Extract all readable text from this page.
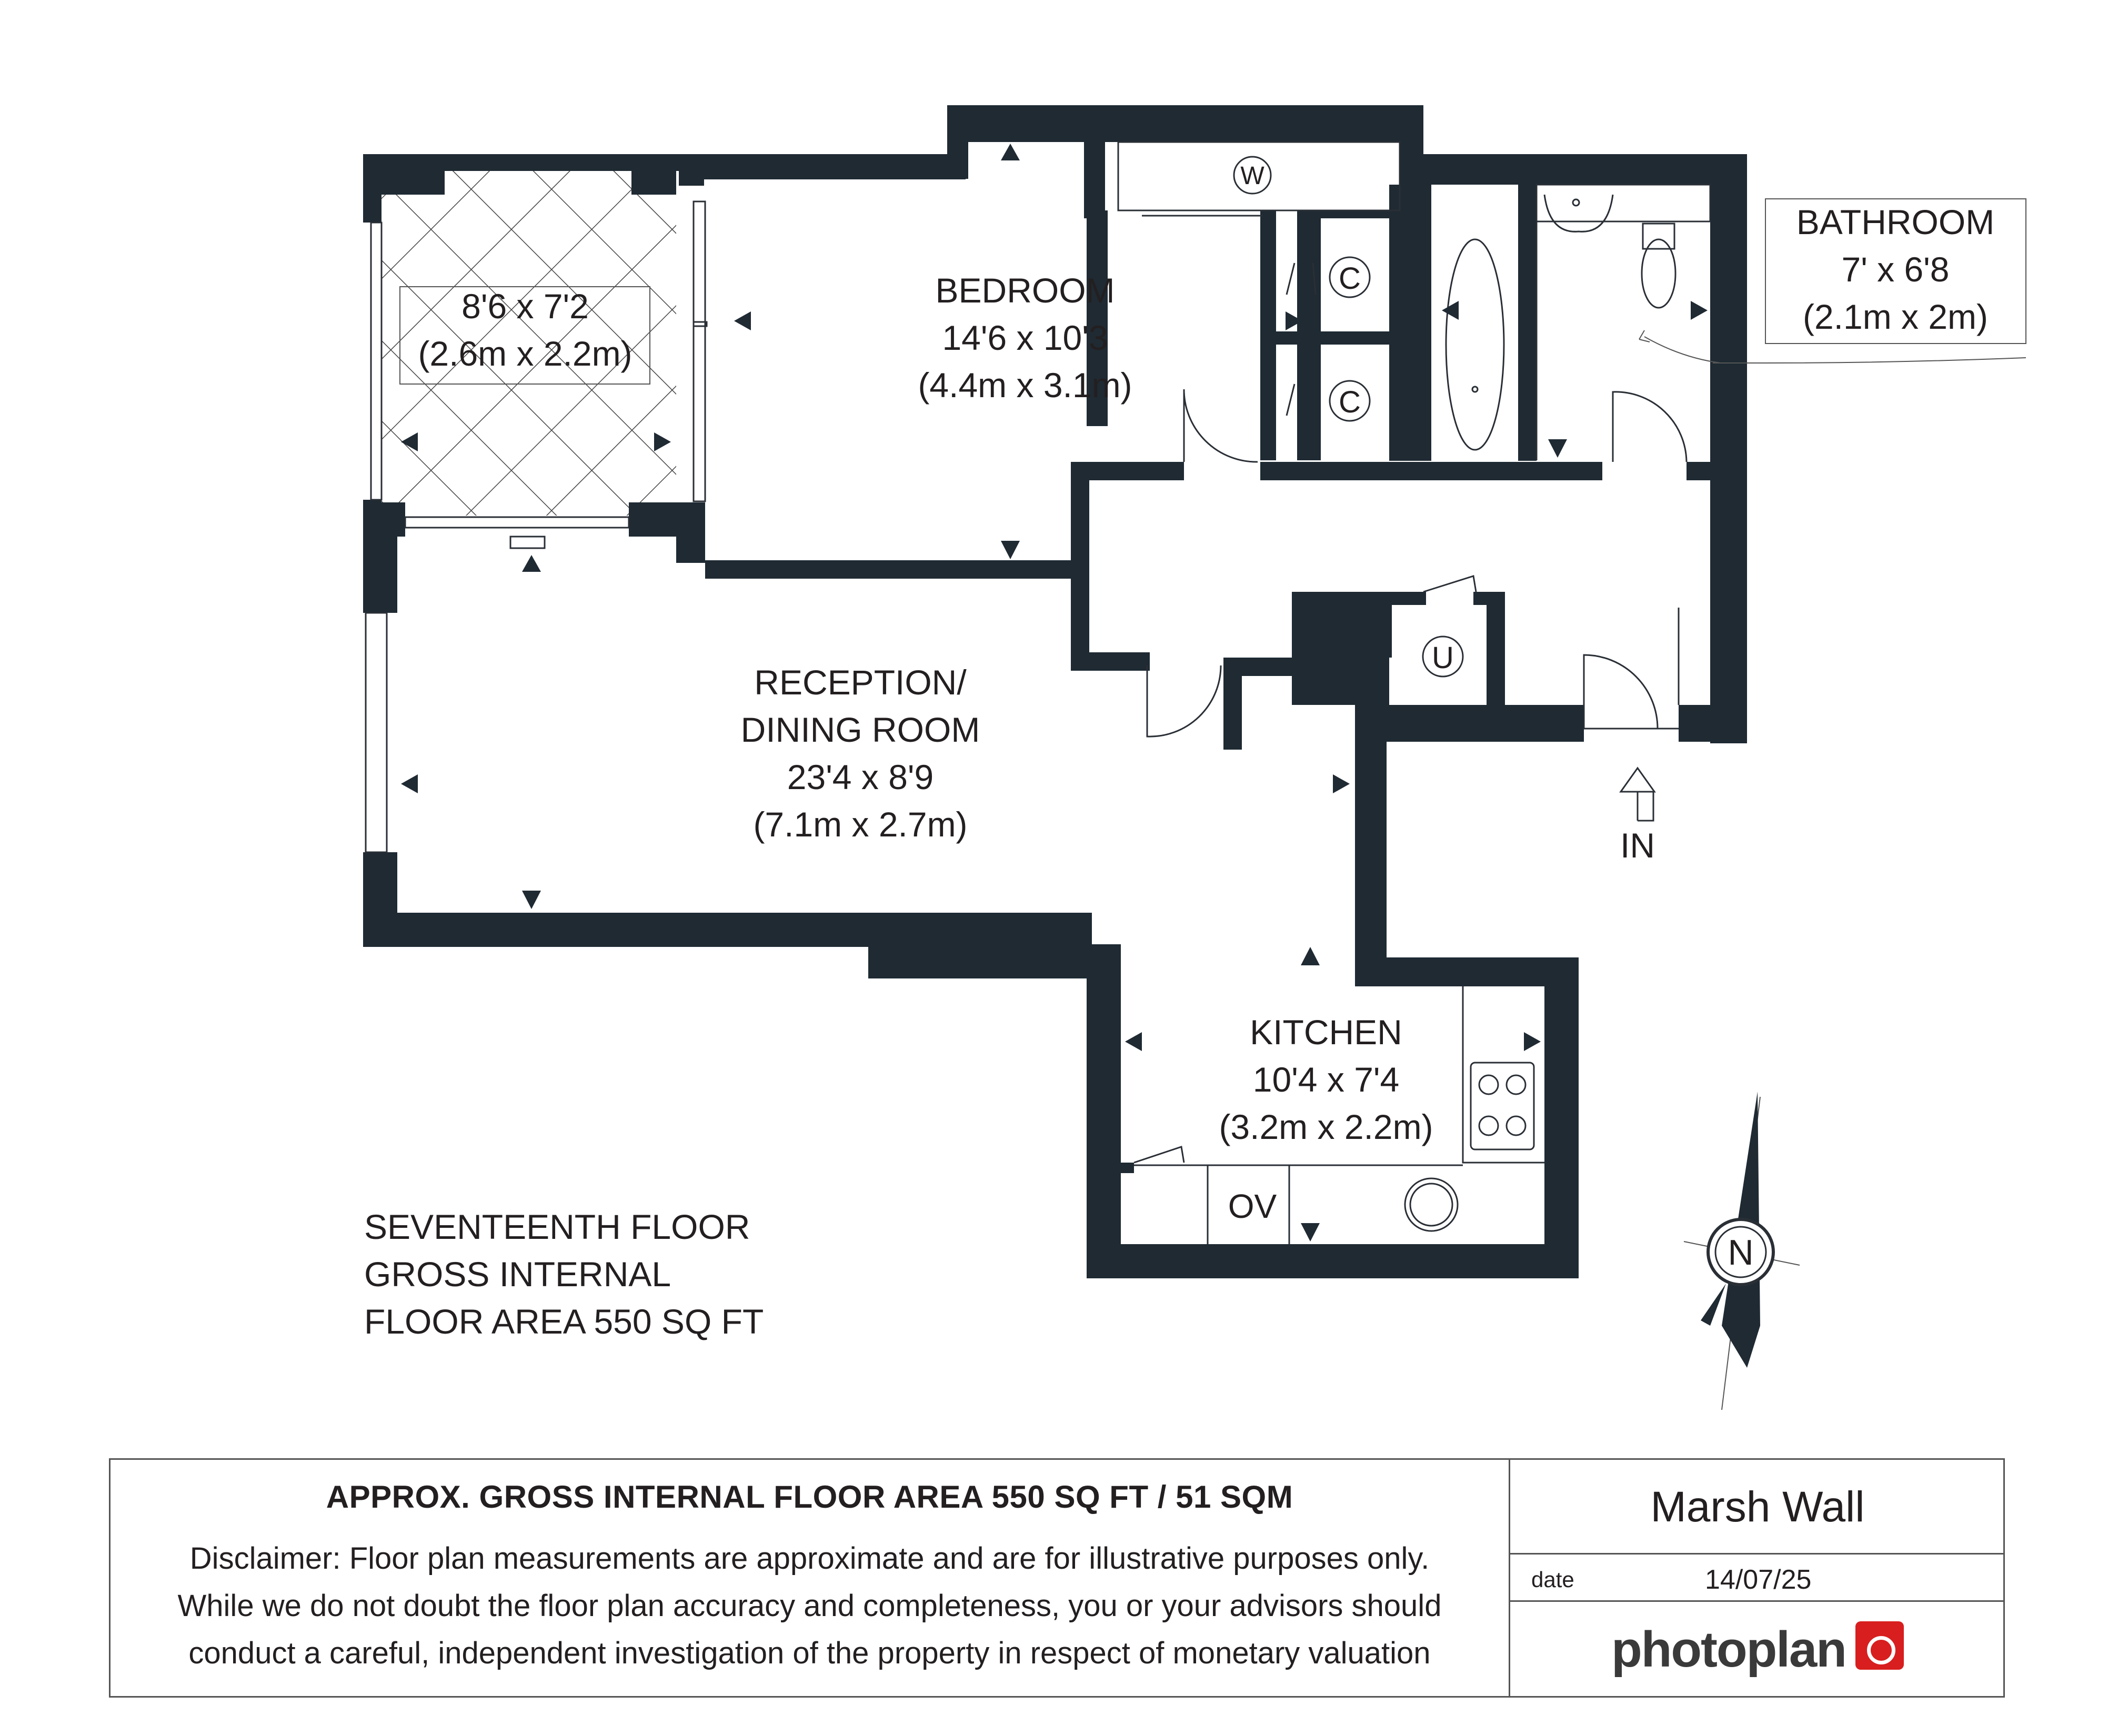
W
C
C
U
OV
8'6 x 7'2
(2.6m x 2.2m)
BEDROOM
14'6 x 10'3
(4.4m x 3.1m)
BATHROOM
7' x 6'8
(2.1m x 2m)
RECEPTION/
DINING ROOM
23'4 x 8'9
(7.1m x 2.7m)
KITCHEN
10'4 x 7'4
(3.2m x 2.2m)
IN
SEVENTEENTH FLOOR
GROSS INTERNAL
FLOOR AREA 550 SQ FT
N
APPROX. GROSS INTERNAL FLOOR AREA 550 SQ FT / 51 SQM
Disclaimer: Floor plan measurements are approximate and are for illustrative purposes only.
While we do not doubt the floor plan accuracy and completeness, you or your advisors should
conduct a careful, independent investigation of the property in respect of monetary valuation
Marsh Wall
date	14/07/25
photoplan
